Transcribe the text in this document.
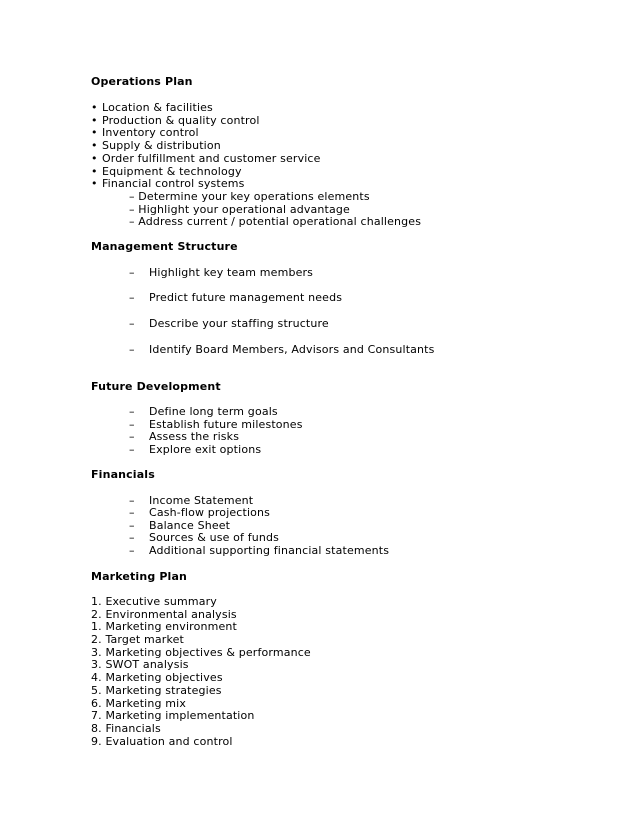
Operations Plan
• Location & facilities
• Production & quality control
• Inventory control
• Supply & distribution
• Order fulfillment and customer service
• Equipment & technology
• Financial control systems
– Determine your key operations elements
– Highlight your operational advantage
– Address current / potential operational challenges
Management Structure
– Highlight key team members
– Predict future management needs
– Describe your staffing structure
– Identify Board Members, Advisors and Consultants
Future Development
– Define long term goals
– Establish future milestones
– Assess the risks
– Explore exit options
Financials
– Income Statement
– Cash-flow projections
– Balance Sheet
– Sources & use of funds
– Additional supporting financial statements
Marketing Plan
1. Executive summary
2. Environmental analysis
1. Marketing environment
2. Target market
3. Marketing objectives & performance
3. SWOT analysis
4. Marketing objectives
5. Marketing strategies
6. Marketing mix
7. Marketing implementation
8. Financials
9. Evaluation and control
